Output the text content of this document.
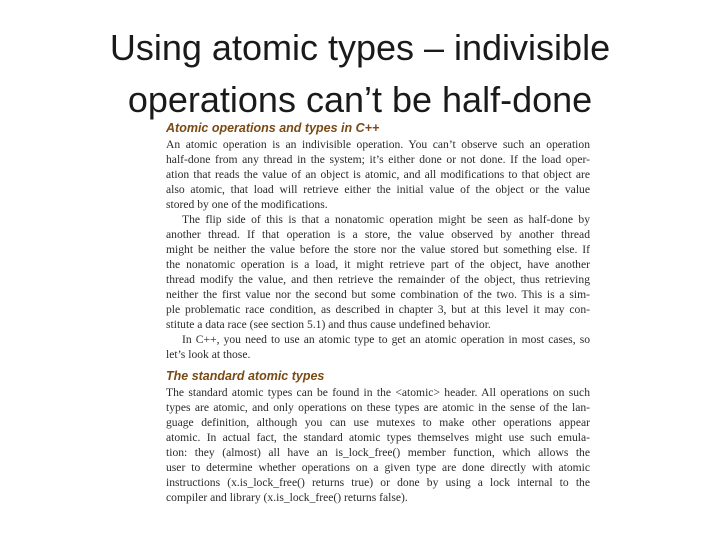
Using atomic types – indivisible
operations can’t be half-done
Atomic operations and types in C++
An atomic operation is an indivisible operation. You can’t observe such an operation
half-done from any thread in the system; it’s either done or not done. If the load oper-
ation that reads the value of an object is atomic, and all modifications to that object are
also atomic, that load will retrieve either the initial value of the object or the value
stored by one of the modifications.
The flip side of this is that a nonatomic operation might be seen as half-done by
another thread. If that operation is a store, the value observed by another thread
might be neither the value before the store nor the value stored but something else. If
the nonatomic operation is a load, it might retrieve part of the object, have another
thread modify the value, and then retrieve the remainder of the object, thus retrieving
neither the first value nor the second but some combination of the two. This is a sim-
ple problematic race condition, as described in chapter 3, but at this level it may con-
stitute a data race (see section 5.1) and thus cause undefined behavior.
In C++, you need to use an atomic type to get an atomic operation in most cases, so
let’s look at those.
The standard atomic types
The standard atomic types can be found in the <atomic> header. All operations on such
types are atomic, and only operations on these types are atomic in the sense of the lan-
guage definition, although you can use mutexes to make other operations appear
atomic. In actual fact, the standard atomic types themselves might use such emula-
tion: they (almost) all have an is_lock_free() member function, which allows the
user to determine whether operations on a given type are done directly with atomic
instructions (x.is_lock_free() returns true) or done by using a lock internal to the
compiler and library (x.is_lock_free() returns false).
